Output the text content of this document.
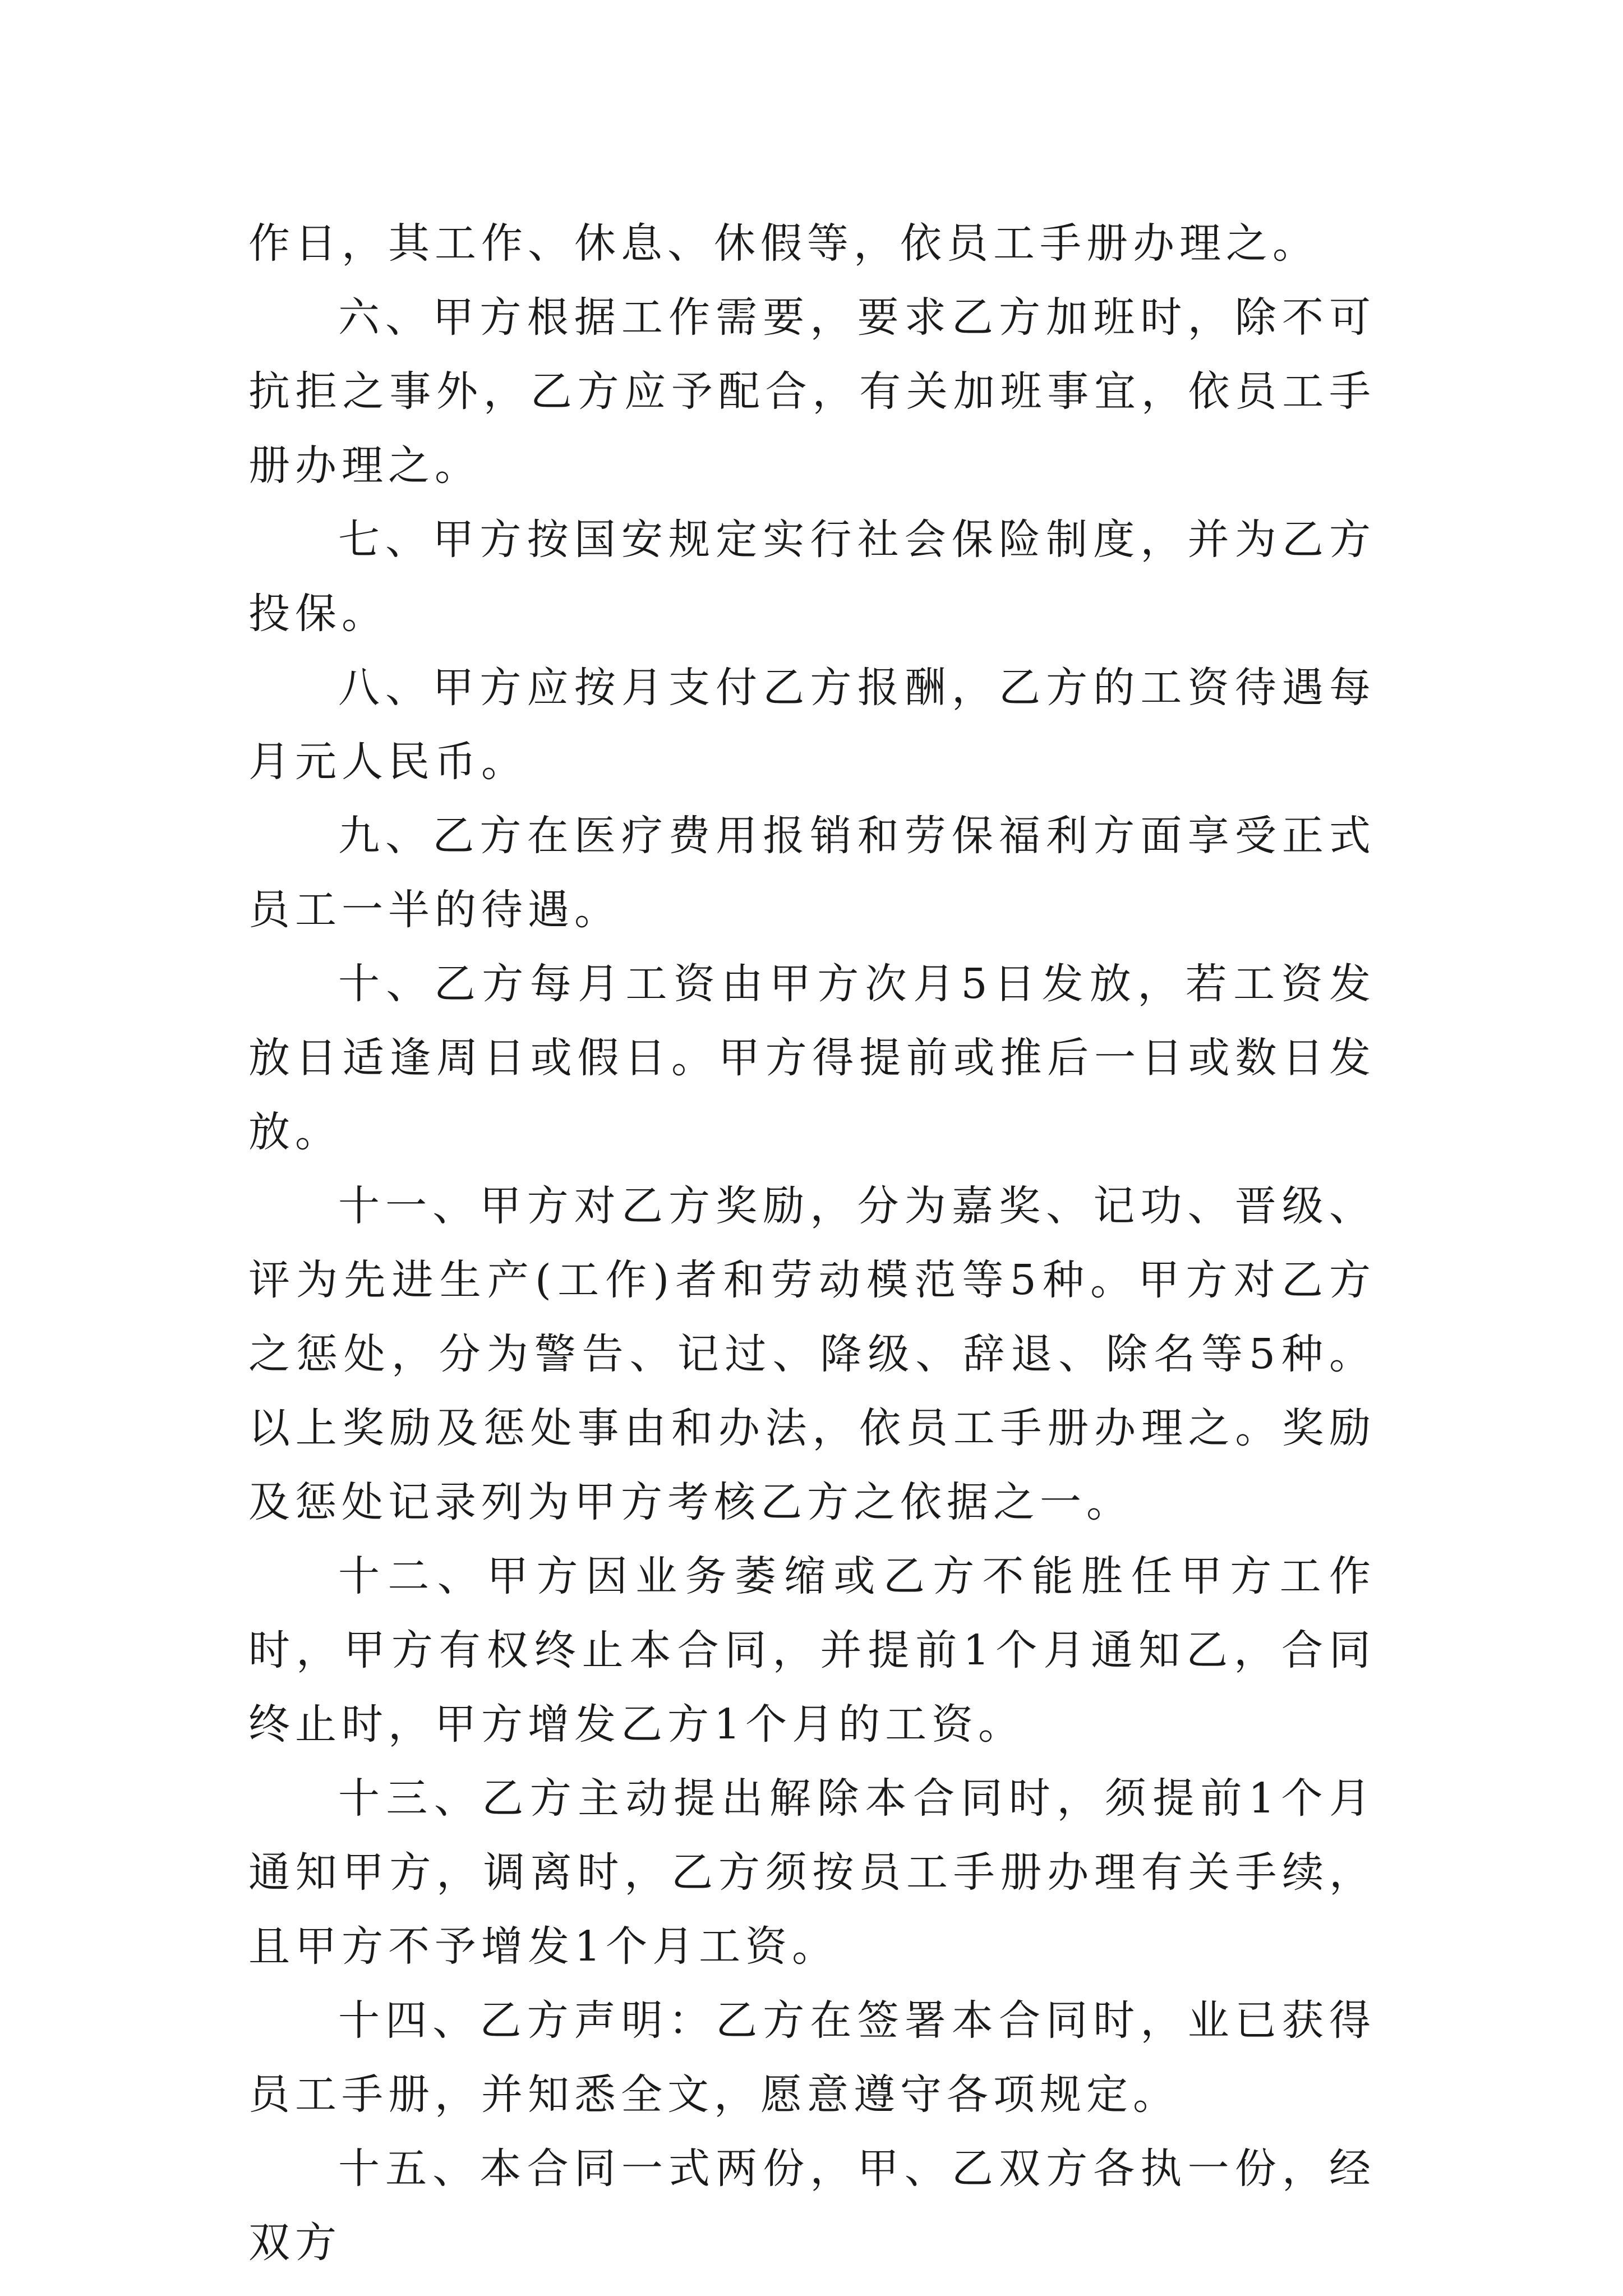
作日，其工作、休息、休假等，依员工手册办理之。

六、甲方根据工作需要，要求乙方加班时，除不可抗拒之事外，乙方应予配合，有关加班事宜，依员工手册办理之。

七、甲方按国安规定实行社会保险制度，并为乙方投保。

八、甲方应按月支付乙方报酬，乙方的工资待遇每月元人民币。

九、乙方在医疗费用报销和劳保福利方面享受正式员工一半的待遇。

十、乙方每月工资由甲方次月5日发放，若工资发放日适逢周日或假日。甲方得提前或推后一日或数日发放。

十一、甲方对乙方奖励，分为嘉奖、记功、晋级、评为先进生产(工作)者和劳动模范等5种。甲方对乙方之惩处，分为警告、记过、降级、辞退、除名等5种。以上奖励及惩处事由和办法，依员工手册办理之。奖励及惩处记录列为甲方考核乙方之依据之一。

十二、甲方因业务萎缩或乙方不能胜任甲方工作时，甲方有权终止本合同，并提前1个月通知乙，合同终止时，甲方增发乙方1个月的工资。

十三、乙方主动提出解除本合同时，须提前1个月通知甲方，调离时，乙方须按员工手册办理有关手续，且甲方不予增发1个月工资。

十四、乙方声明：乙方在签署本合同时，业已获得员工手册，并知悉全文，愿意遵守各项规定。

十五、本合同一式两份，甲、乙双方各执一份，经双方
